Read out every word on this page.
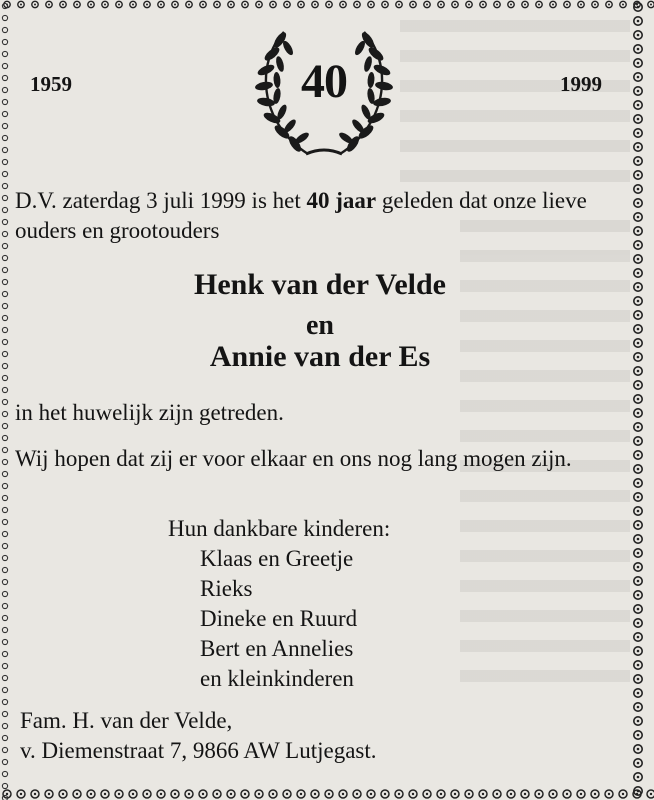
1959	1999
40
D.V. zaterdag 3 juli 1999 is het 40 jaar geleden dat onze lieve ouders en grootouders
Henk van der Velde
en
Annie van der Es
in het huwelijk zijn getreden.
Wij hopen dat zij er voor elkaar en ons nog lang mogen zijn.
Hun dankbare kinderen:
Klaas en Greetje
Rieks
Dineke en Ruurd
Bert en Annelies
en kleinkinderen
Fam. H. van der Velde,
v. Diemenstraat 7, 9866 AW Lutjegast.
